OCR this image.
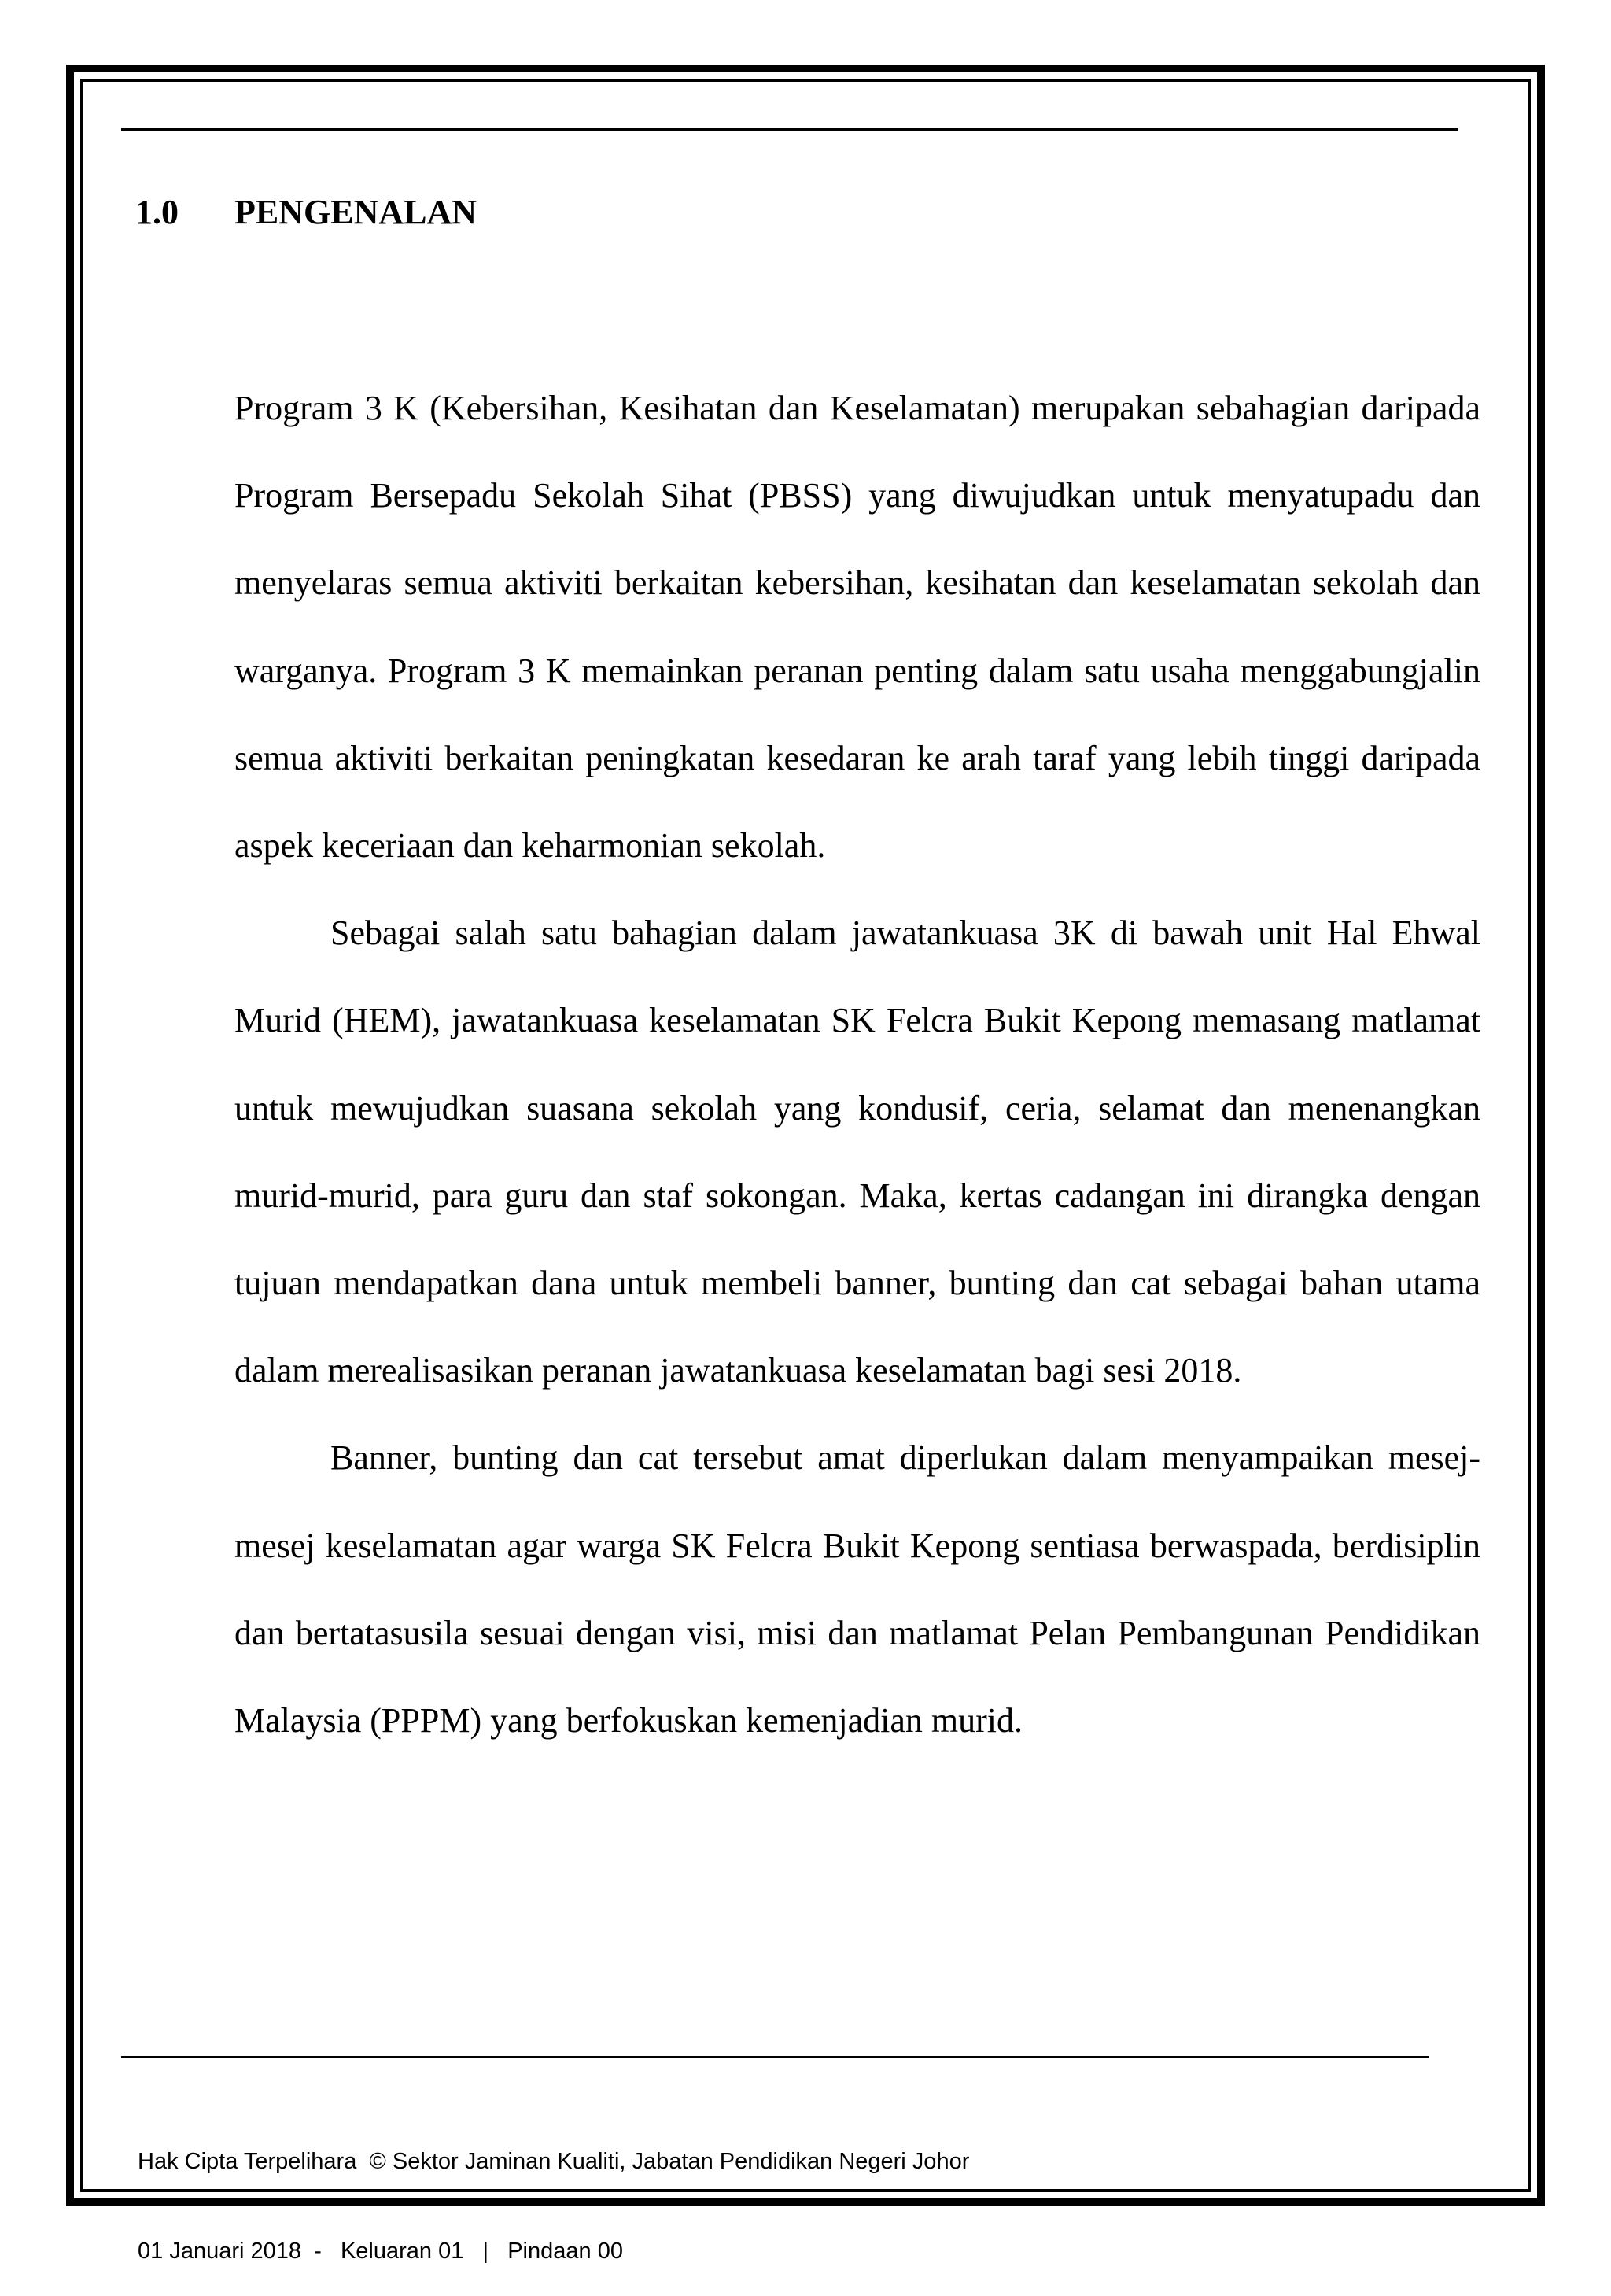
1.0 PENGENALAN

Program 3 K (Kebersihan, Kesihatan dan Keselamatan) merupakan sebahagian daripada Program Bersepadu Sekolah Sihat (PBSS) yang diwujudkan untuk menyatupadu dan menyelaras semua aktiviti berkaitan kebersihan, kesihatan dan keselamatan sekolah dan warganya. Program 3 K memainkan peranan penting dalam satu usaha menggabungjalin semua aktiviti berkaitan peningkatan kesedaran ke arah taraf yang lebih tinggi daripada aspek keceriaan dan keharmonian sekolah.

Sebagai salah satu bahagian dalam jawatankuasa 3K di bawah unit Hal Ehwal Murid (HEM), jawatankuasa keselamatan SK Felcra Bukit Kepong memasang matlamat untuk mewujudkan suasana sekolah yang kondusif, ceria, selamat dan menenangkan murid-murid, para guru dan staf sokongan. Maka, kertas cadangan ini dirangka dengan tujuan mendapatkan dana untuk membeli banner, bunting dan cat sebagai bahan utama dalam merealisasikan peranan jawatankuasa keselamatan bagi sesi 2018.

Banner, bunting dan cat tersebut amat diperlukan dalam menyampaikan mesej-mesej keselamatan agar warga SK Felcra Bukit Kepong sentiasa berwaspada, berdisiplin dan bertatasusila sesuai dengan visi, misi dan matlamat Pelan Pembangunan Pendidikan Malaysia (PPPM) yang berfokuskan kemenjadian murid.

Hak Cipta Terpelihara  © Sektor Jaminan Kualiti, Jabatan Pendidikan Negeri Johor

01 Januari 2018  -   Keluaran 01   |   Pindaan 00
